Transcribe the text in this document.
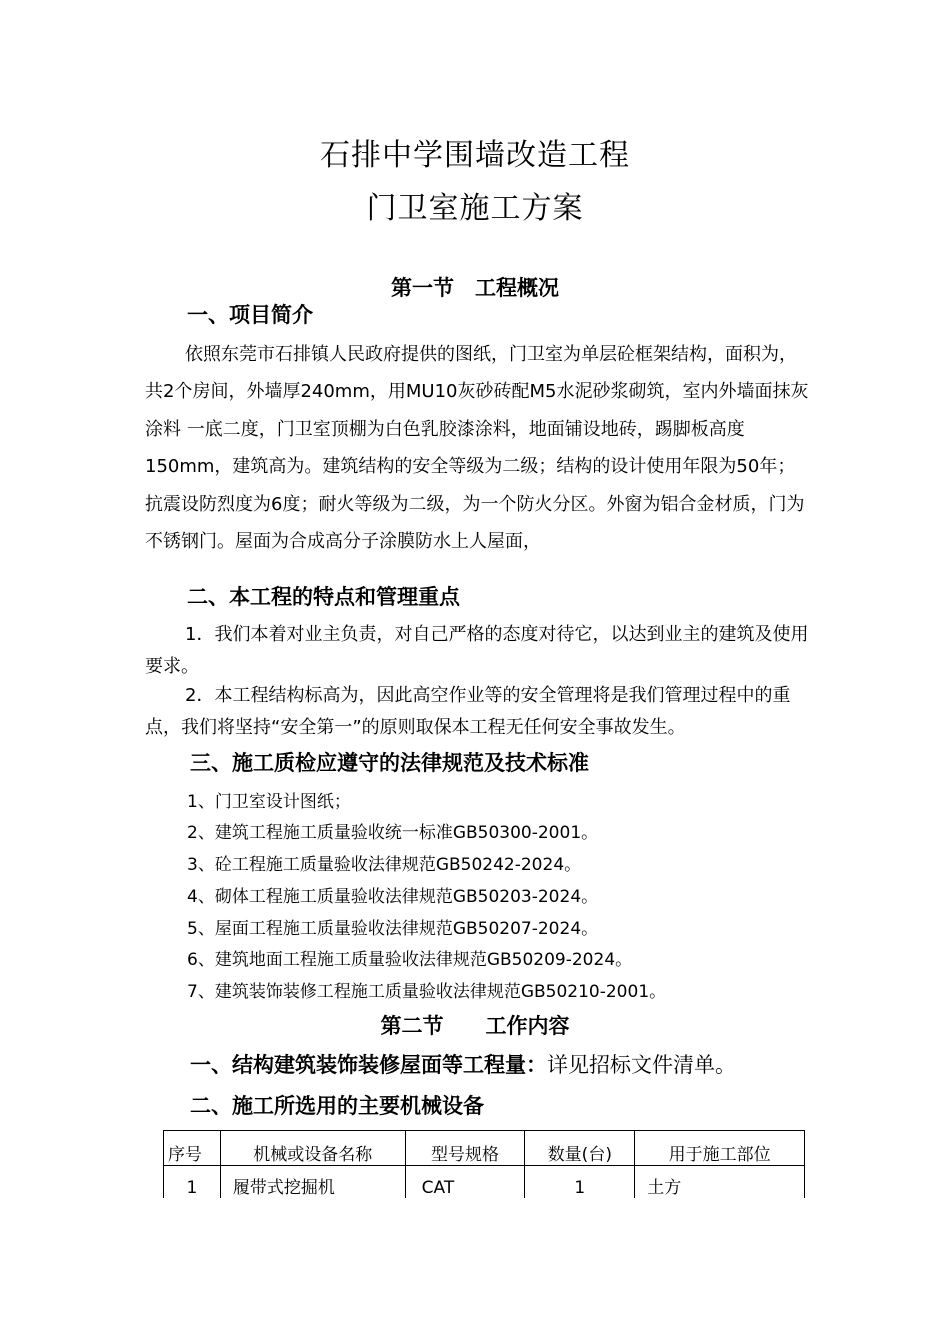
石排中学围墙改造工程
门卫室施工方案
第一节　工程概况
一、项目简介
依照东莞市石排镇人民政府提供的图纸，门卫室为单层砼框架结构，面积为，共2个房间，外墙厚240mm，用MU10灰砂砖配M5水泥砂浆砌筑，室内外墙面抹灰涂料 一底二度，门卫室顶棚为白色乳胶漆涂料，地面铺设地砖，踢脚板高度150mm，建筑高为。建筑结构的安全等级为二级；结构的设计使用年限为50年；抗震设防烈度为6度；耐火等级为二级，为一个防火分区。外窗为铝合金材质，门为不锈钢门。屋面为合成高分子涂膜防水上人屋面，
二、本工程的特点和管理重点
1．我们本着对业主负责，对自己严格的态度对待它，以达到业主的建筑及使用要求。
2．本工程结构标高为，因此高空作业等的安全管理将是我们管理过程中的重点，我们将坚持“安全第一”的原则取保本工程无任何安全事故发生。
三、施工质检应遵守的法律规范及技术标准
1、门卫室设计图纸；
2、建筑工程施工质量验收统一标准GB50300-2001。
3、砼工程施工质量验收法律规范GB50242-2024。
4、砌体工程施工质量验收法律规范GB50203-2024。
5、屋面工程施工质量验收法律规范GB50207-2024。
6、建筑地面工程施工质量验收法律规范GB50209-2024。
7、建筑装饰装修工程施工质量验收法律规范GB50210-2001。
第二节　　工作内容
一、结构建筑装饰装修屋面等工程量：详见招标文件清单。
二、施工所选用的主要机械设备
序号	机械或设备名称	型号规格	数量(台)	用于施工部位
1	履带式挖掘机	CAT	1	土方
